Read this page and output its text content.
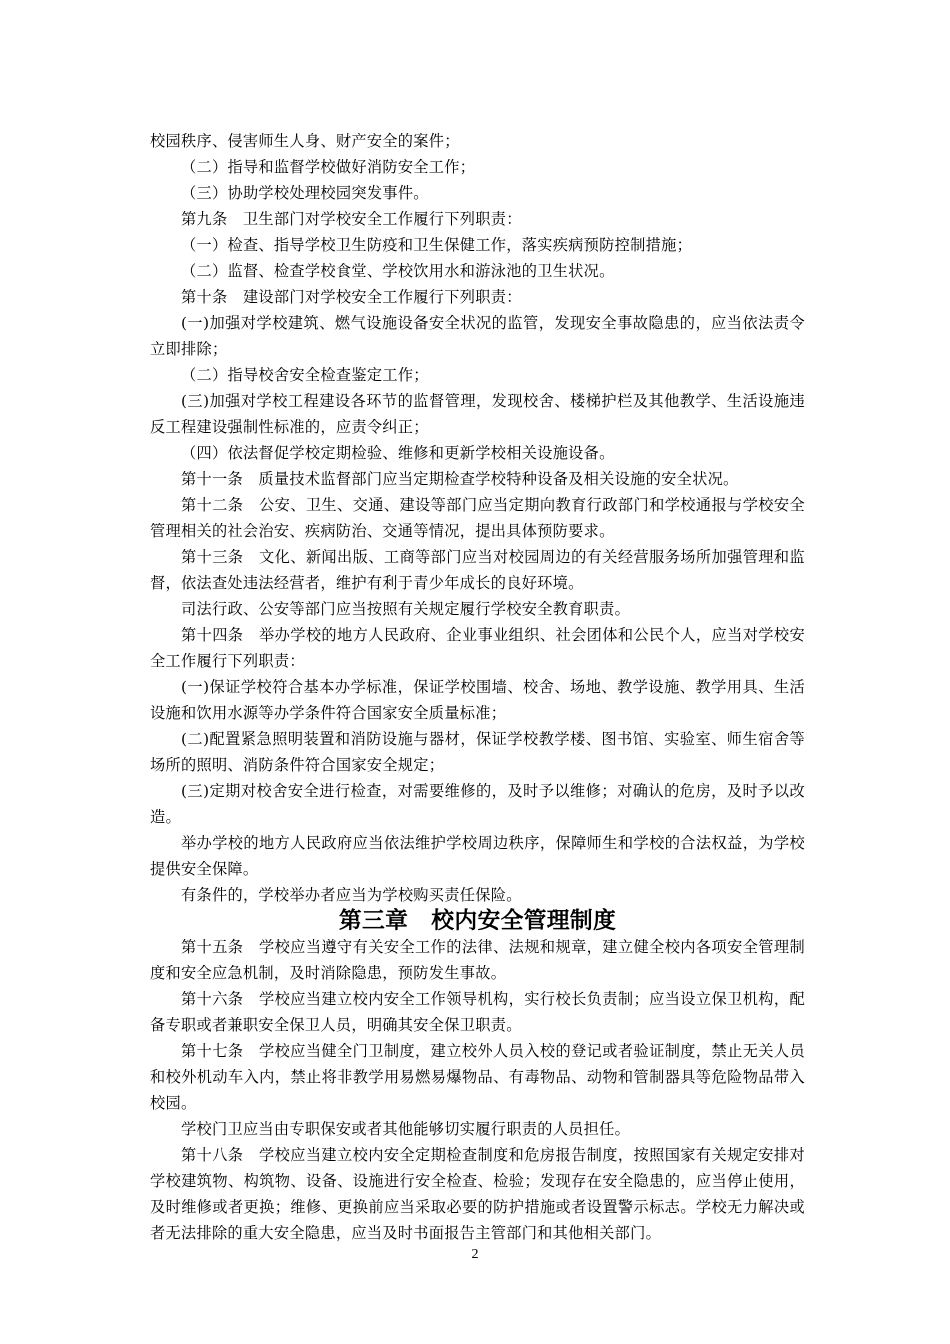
校园秩序、侵害师生人身、财产安全的案件；

（二）指导和监督学校做好消防安全工作；

（三）协助学校处理校园突发事件。

第九条　卫生部门对学校安全工作履行下列职责：

（一）检查、指导学校卫生防疫和卫生保健工作，落实疾病预防控制措施；

（二）监督、检查学校食堂、学校饮用水和游泳池的卫生状况。

第十条　建设部门对学校安全工作履行下列职责：

(一)加强对学校建筑、燃气设施设备安全状况的监管，发现安全事故隐患的，应当依法责令立即排除；

（二）指导校舍安全检查鉴定工作；

(三)加强对学校工程建设各环节的监督管理，发现校舍、楼梯护栏及其他教学、生活设施违反工程建设强制性标准的，应责令纠正；

（四）依法督促学校定期检验、维修和更新学校相关设施设备。

第十一条　质量技术监督部门应当定期检查学校特种设备及相关设施的安全状况。

第十二条　公安、卫生、交通、建设等部门应当定期向教育行政部门和学校通报与学校安全管理相关的社会治安、疾病防治、交通等情况，提出具体预防要求。

第十三条　文化、新闻出版、工商等部门应当对校园周边的有关经营服务场所加强管理和监督，依法查处违法经营者，维护有利于青少年成长的良好环境。

司法行政、公安等部门应当按照有关规定履行学校安全教育职责。

第十四条　举办学校的地方人民政府、企业事业组织、社会团体和公民个人，应当对学校安全工作履行下列职责：

(一)保证学校符合基本办学标准，保证学校围墙、校舍、场地、教学设施、教学用具、生活设施和饮用水源等办学条件符合国家安全质量标准；

(二)配置紧急照明装置和消防设施与器材，保证学校教学楼、图书馆、实验室、师生宿舍等场所的照明、消防条件符合国家安全规定；

(三)定期对校舍安全进行检查，对需要维修的，及时予以维修；对确认的危房，及时予以改造。

举办学校的地方人民政府应当依法维护学校周边秩序，保障师生和学校的合法权益，为学校提供安全保障。

有条件的，学校举办者应当为学校购买责任保险。

第三章　校内安全管理制度

第十五条　学校应当遵守有关安全工作的法律、法规和规章，建立健全校内各项安全管理制度和安全应急机制，及时消除隐患，预防发生事故。

第十六条　学校应当建立校内安全工作领导机构，实行校长负责制；应当设立保卫机构，配备专职或者兼职安全保卫人员，明确其安全保卫职责。

第十七条　学校应当健全门卫制度，建立校外人员入校的登记或者验证制度，禁止无关人员和校外机动车入内，禁止将非教学用易燃易爆物品、有毒物品、动物和管制器具等危险物品带入校园。

学校门卫应当由专职保安或者其他能够切实履行职责的人员担任。

第十八条　学校应当建立校内安全定期检查制度和危房报告制度，按照国家有关规定安排对学校建筑物、构筑物、设备、设施进行安全检查、检验；发现存在安全隐患的，应当停止使用，及时维修或者更换；维修、更换前应当采取必要的防护措施或者设置警示标志。学校无力解决或者无法排除的重大安全隐患，应当及时书面报告主管部门和其他相关部门。

2
